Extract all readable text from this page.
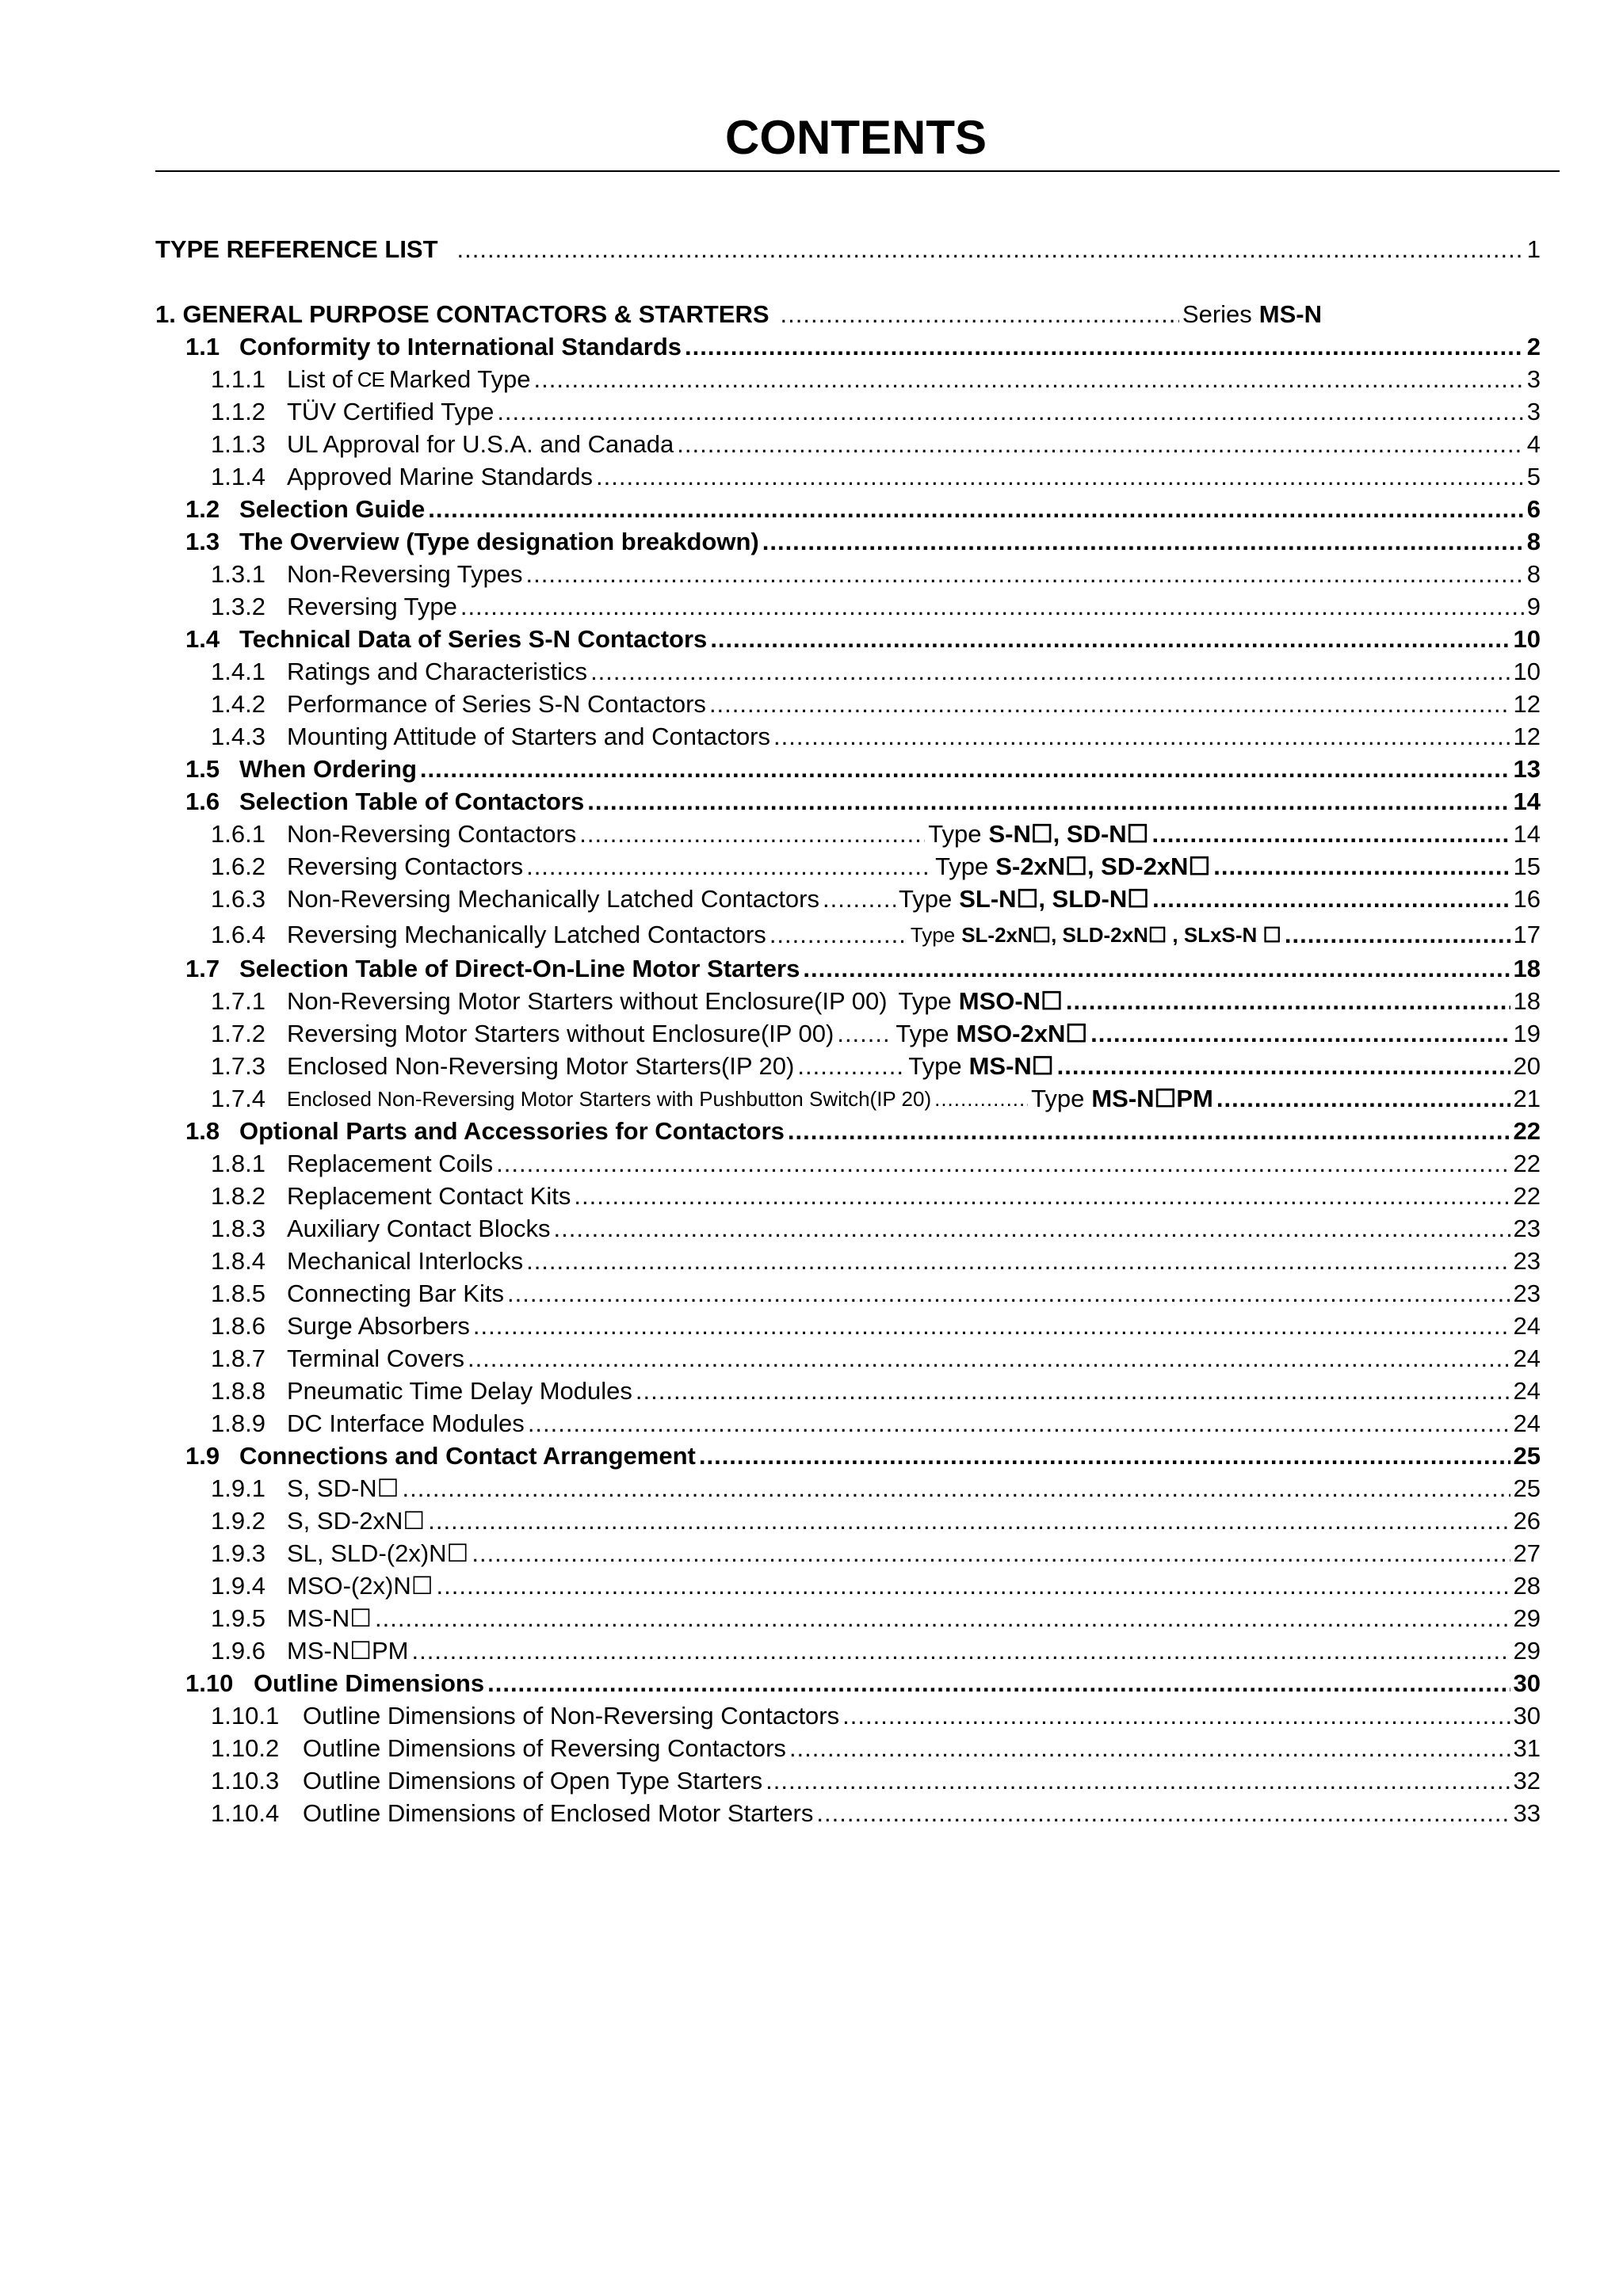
CONTENTS
TYPE REFERENCE LIST .....	1
1. GENERAL PURPOSE CONTACTORS & STARTERS .....	Series MS-N
1.1 Conformity to International Standards .....	2
1.1.1 List of CE Marked Type .....	3
1.1.2 TÜV Certified Type .....	3
1.1.3 UL Approval for U.S.A. and Canada .....	4
1.1.4 Approved Marine Standards .....	5
1.2 Selection Guide .....	6
1.3 The Overview (Type designation breakdown) .....	8
1.3.1 Non-Reversing Types .....	8
1.3.2 Reversing Type .....	9
1.4 Technical Data of Series S-N Contactors .....	10
1.4.1 Ratings and Characteristics .....	10
1.4.2 Performance of Series S-N Contactors .....	12
1.4.3 Mounting Attitude of Starters and Contactors .....	12
1.5 When Ordering .....	13
1.6 Selection Table of Contactors .....	14
1.6.1 Non-Reversing Contactors .....	Type S-N☐, SD-N☐ .....	14
1.6.2 Reversing Contactors .....	Type S-2xN☐, SD-2xN☐ .....	15
1.6.3 Non-Reversing Mechanically Latched Contactors .....	Type SL-N☐, SLD-N☐ .....	16
1.6.4 Reversing Mechanically Latched Contactors .....	Type SL-2xN☐, SLD-2xN☐ , SLxS-N ☐ .....	17
1.7 Selection Table of Direct-On-Line Motor Starters .....	18
1.7.1 Non-Reversing Motor Starters without Enclosure(IP 00) Type MSO-N☐ .....	18
1.7.2 Reversing Motor Starters without Enclosure(IP 00) .....	Type MSO-2xN☐ .....	19
1.7.3 Enclosed Non-Reversing Motor Starters(IP 20) .....	Type MS-N☐ .....	20
1.7.4	Enclosed Non-Reversing Motor Starters with Pushbutton Switch(IP 20) .....	Type MS-N☐PM .....	21
1.8 Optional Parts and Accessories for Contactors .....	22
1.8.1 Replacement Coils .....	22
1.8.2 Replacement Contact Kits .....	22
1.8.3 Auxiliary Contact Blocks .....	23
1.8.4 Mechanical Interlocks .....	23
1.8.5 Connecting Bar Kits .....	23
1.8.6 Surge Absorbers .....	24
1.8.7 Terminal Covers .....	24
1.8.8 Pneumatic Time Delay Modules .....	24
1.8.9 DC Interface Modules .....	24
1.9 Connections and Contact Arrangement .....	25
1.9.1 S, SD-N☐ .....	25
1.9.2 S, SD-2xN☐ .....	26
1.9.3 SL, SLD-(2x)N☐ .....	27
1.9.4 MSO-(2x)N☐ .....	28
1.9.5 MS-N☐ .....	29
1.9.6 MS-N☐PM .....	29
1.10 Outline Dimensions .....	30
1.10.1 Outline Dimensions of Non-Reversing Contactors .....	30
1.10.2 Outline Dimensions of Reversing Contactors .....	31
1.10.3 Outline Dimensions of Open Type Starters .....	32
1.10.4 Outline Dimensions of Enclosed Motor Starters .....	33
